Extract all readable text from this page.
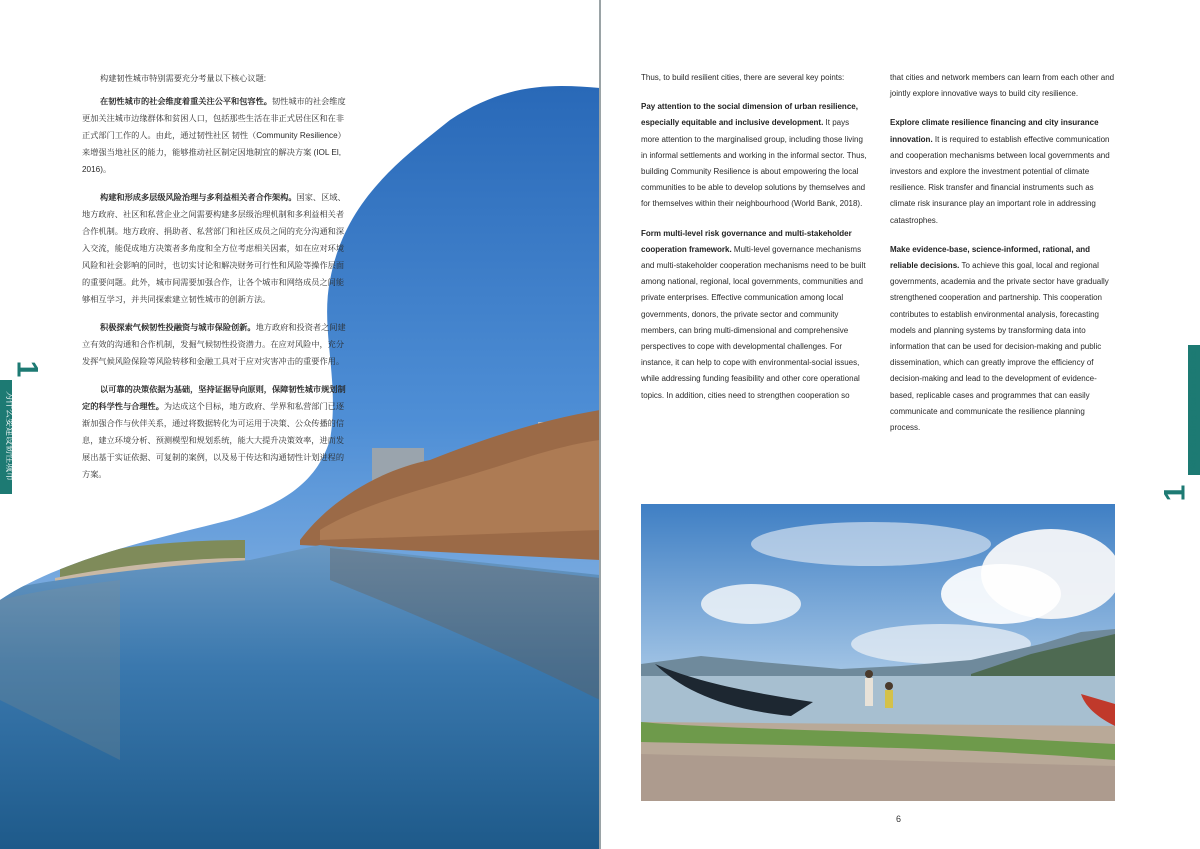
构建韧性城市特别需要充分考量以下核心议题:

在韧性城市的社会维度着重关注公平和包容性。韧性城市的社会维度更加关注城市边缘群体和贫困人口，包括那些生活在非正式居住区和在非正式部门工作的人。由此，通过韧性社区 韧性（Community Resilience）来增强当地社区的能力，能够推动社区制定因地制宜的解决方案 (IOL El, 2016)。

构建和形成多层级风险治理与多利益相关者合作架构。国家、区域、地方政府、社区和私营企业之间需要构建多层级治理机制和多利益相关者合作机制。地方政府、捐助者、私营部门和社区成员之间的充分沟通和深入交流，能促成地方决策者多角度和全方位考虑相关因素，如在应对环境风险和社会影响的同时，也切实讨论和解决财务可行性和风险等操作层面的重要问题。此外，城市间需要加强合作，让各个城市和网络成员之间能够相互学习，并共同探索建立韧性城市的创新方法。

积极探索气候韧性投融资与城市保险创新。地方政府和投资者之间建立有效的沟通和合作机制，发掘气候韧性投资潜力。在应对风险中，充分发挥气候风险保险等风险转移和金融工具对于应对灾害冲击的重要作用。

以可靠的决策依据为基础，坚持证据导向原则，保障韧性城市规划制定的科学性与合理性。为达成这个目标，地方政府、学界和私营部门已逐渐加强合作与伙伴关系，通过将数据转化为可运用于决策、公众传播的信息，建立环境分析、预测模型和规划系统，能大大提升决策效率，进而发展出基于实证依据、可复制的案例，以及易于传达和沟通韧性计划进程的方案。

1
为什么要建设韧性城市

Thus, to build resilient cities, there are several key points:

Pay attention to the social dimension of urban resilience, especially equitable and inclusive development. It pays more attention to the marginalised group, including those living in informal settlements and working in the informal sector. Thus, building Community Resilience is about empowering the local communities to be able to develop solutions by themselves and for themselves within their neighbourhood (World Bank, 2018).

Form multi-level risk governance and multi-stakeholder cooperation framework. Multi-level governance mechanisms and multi-stakeholder cooperation mechanisms need to be built among national, regional, local governments, communities and private enterprises. Effective communication among local governments, donors, the private sector and community members, can bring multi-dimensional and comprehensive perspectives to cope with developmental challenges. For instance, it can help to cope with environmental-social issues, while addressing funding feasibility and other core operational topics. In addition, cities need to strengthen cooperation so

that cities and network members can learn from each other and jointly explore innovative ways to build city resilience.

Explore climate resilience financing and city insurance innovation. It is required to establish effective communication and cooperation mechanisms between local governments and investors and explore the investment potential of climate resilience. Risk transfer and financial instruments such as climate risk insurance play an important role in addressing catastrophes.

Make evidence-base, science-informed, rational, and reliable decisions. To achieve this goal, local and regional governments, academia and the private sector have gradually strengthened cooperation and partnership. This cooperation contributes to establish environmental analysis, forecasting models and planning systems by transforming data into information that can be used for decision-making and public dissemination, which can greatly improve the efficiency of decision-making and lead to the development of evidence-based, replicable cases and programmes that can easily communicate and communicate the resilience planning process.

6
Why Building Resilient Cities
1
